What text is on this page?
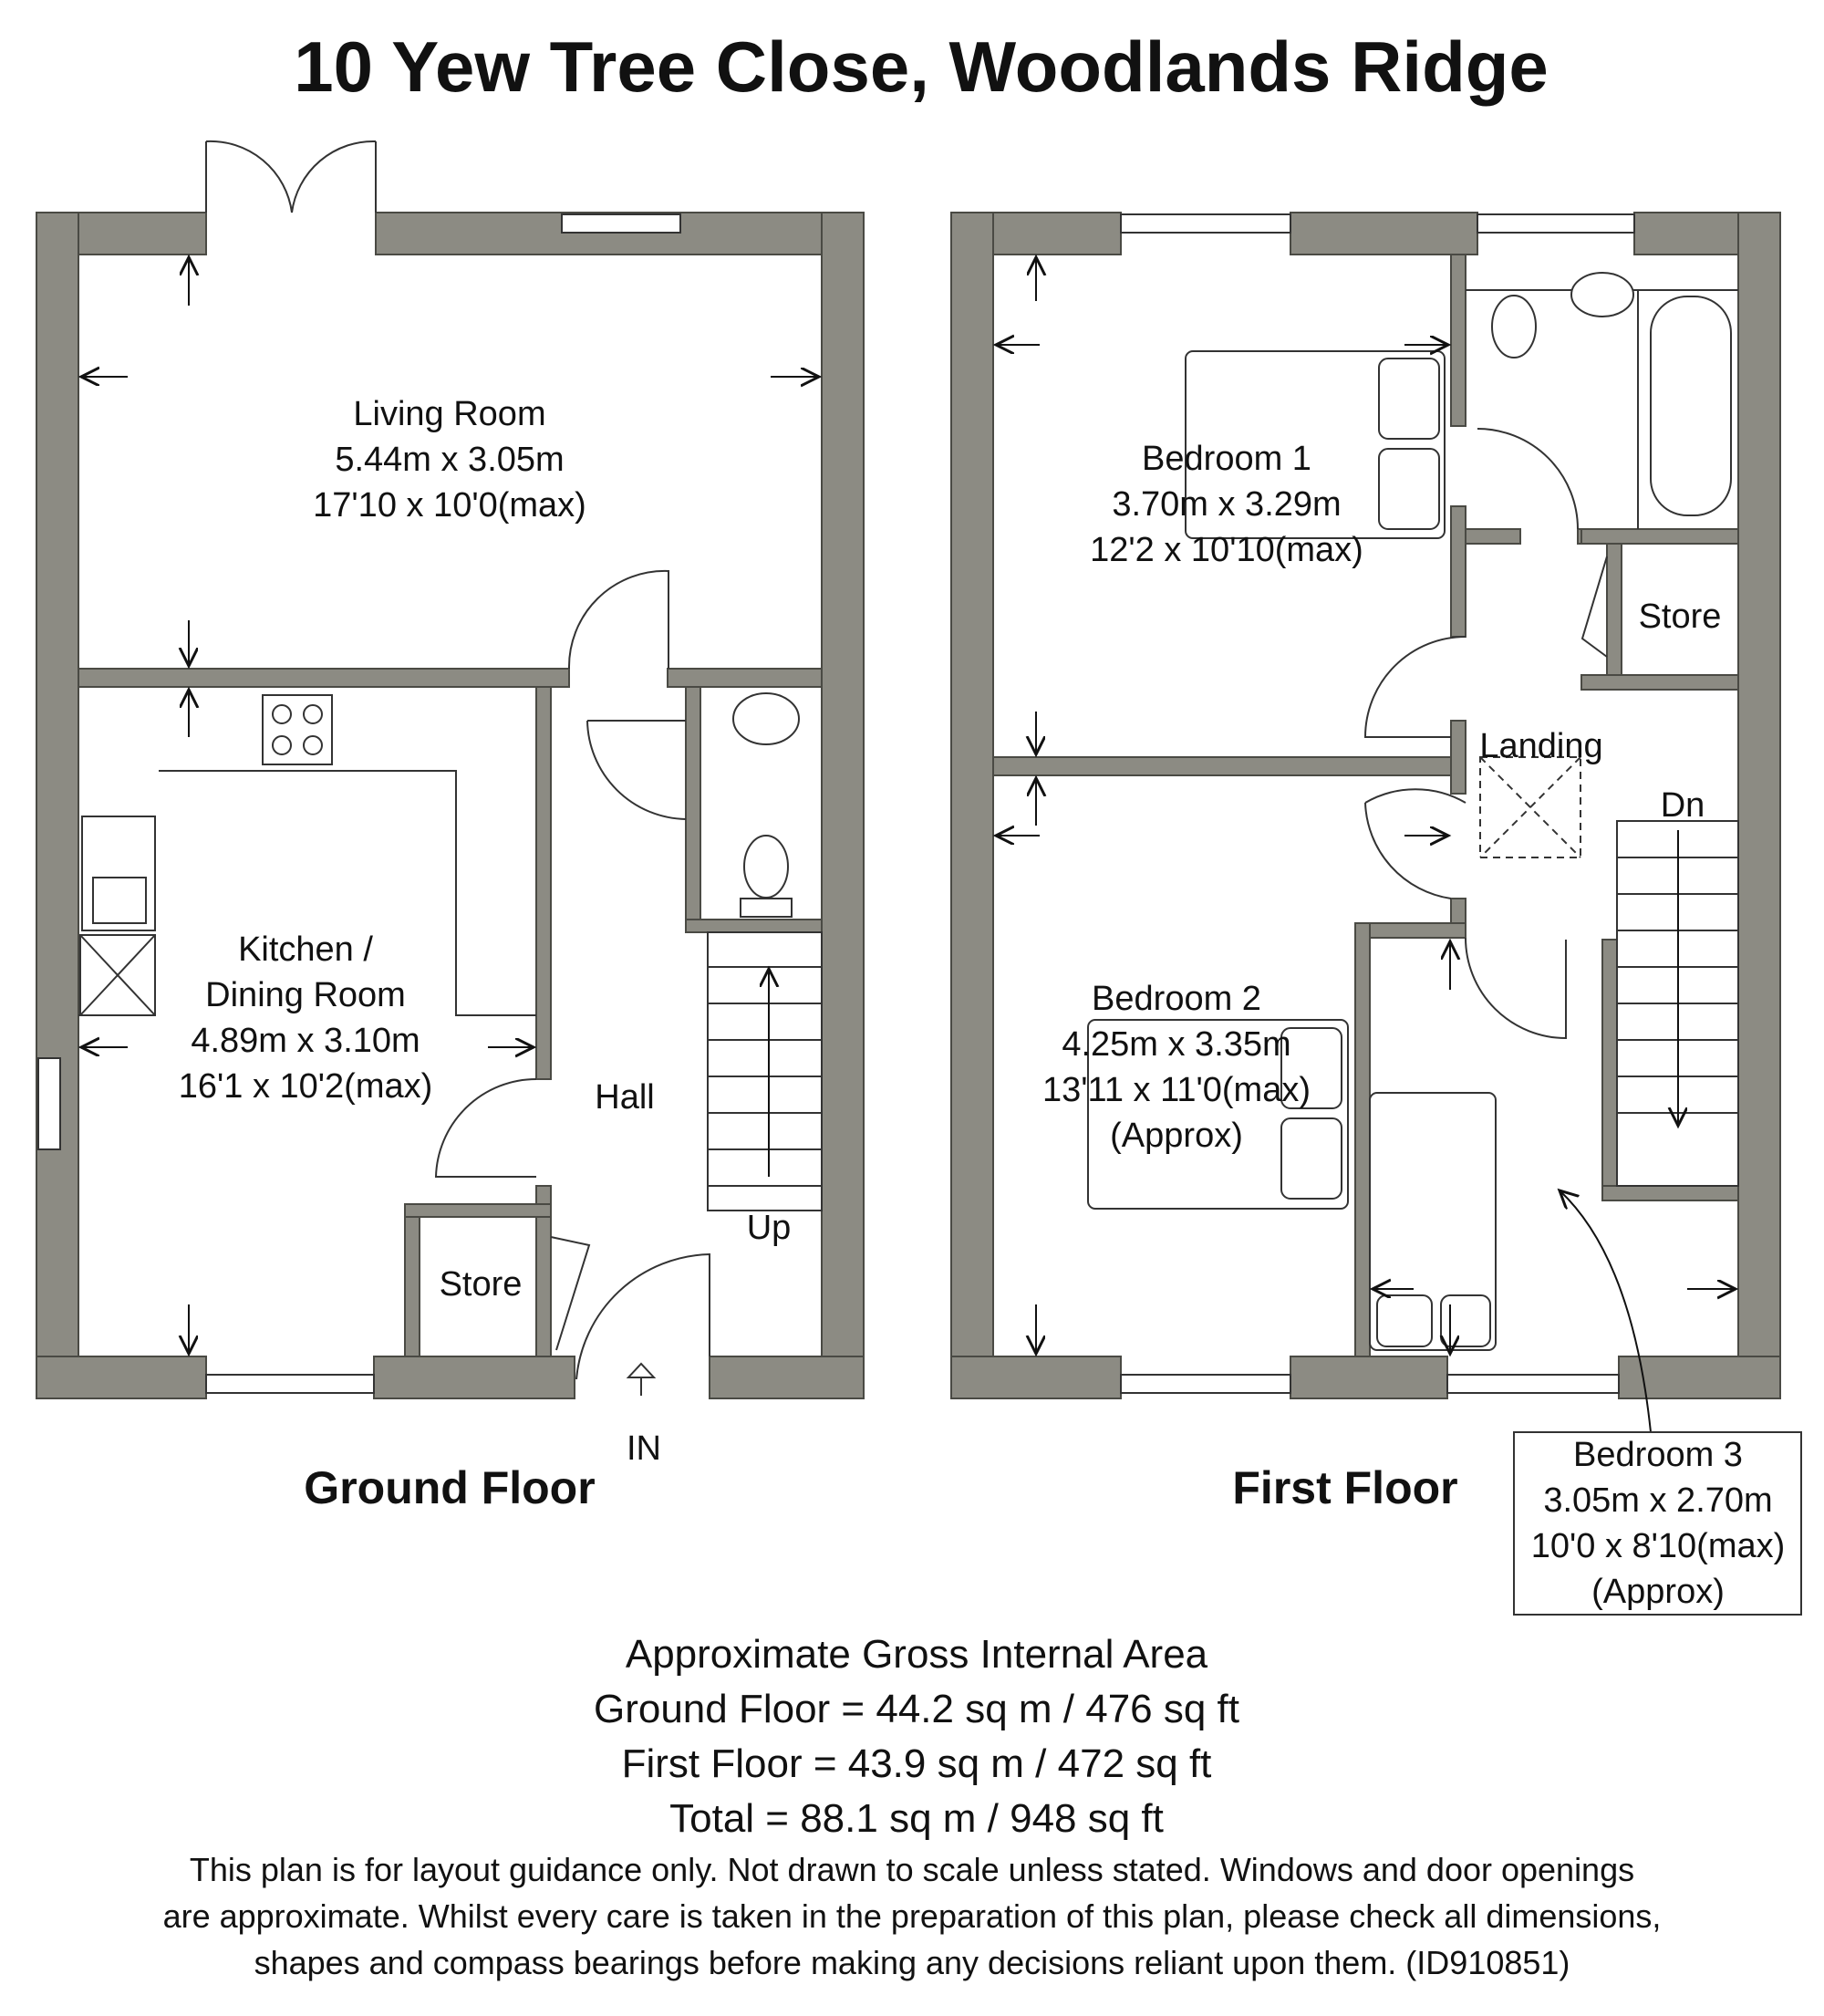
10 Yew Tree Close, Woodlands Ridge
Living Room
5.44m x 3.05m
17'10 x 10'0(max)
Kitchen /
Dining Room
4.89m x 3.10m
16'1 x 10'2(max)	Hall
Store
Up
IN
Ground Floor
Bedroom 1
3.70m x 3.29m
12'2 x 10'10(max)
Bedroom 2
4.25m x 3.35m
13'11 x 11'0(max)
(Approx)
Store
Landing
Dn
Bedroom 3
3.05m x 2.70m
10'0 x 8'10(max)
(Approx)
First Floor
Approximate Gross Internal Area
Ground Floor = 44.2 sq m / 476 sq ft
First Floor = 43.9 sq m / 472 sq ft
Total = 88.1 sq m / 948 sq ft
This plan is for layout guidance only. Not drawn to scale unless stated. Windows and door openings
are approximate. Whilst every care is taken in the preparation of this plan, please check all dimensions,
shapes and compass bearings before making any decisions reliant upon them. (ID910851)
